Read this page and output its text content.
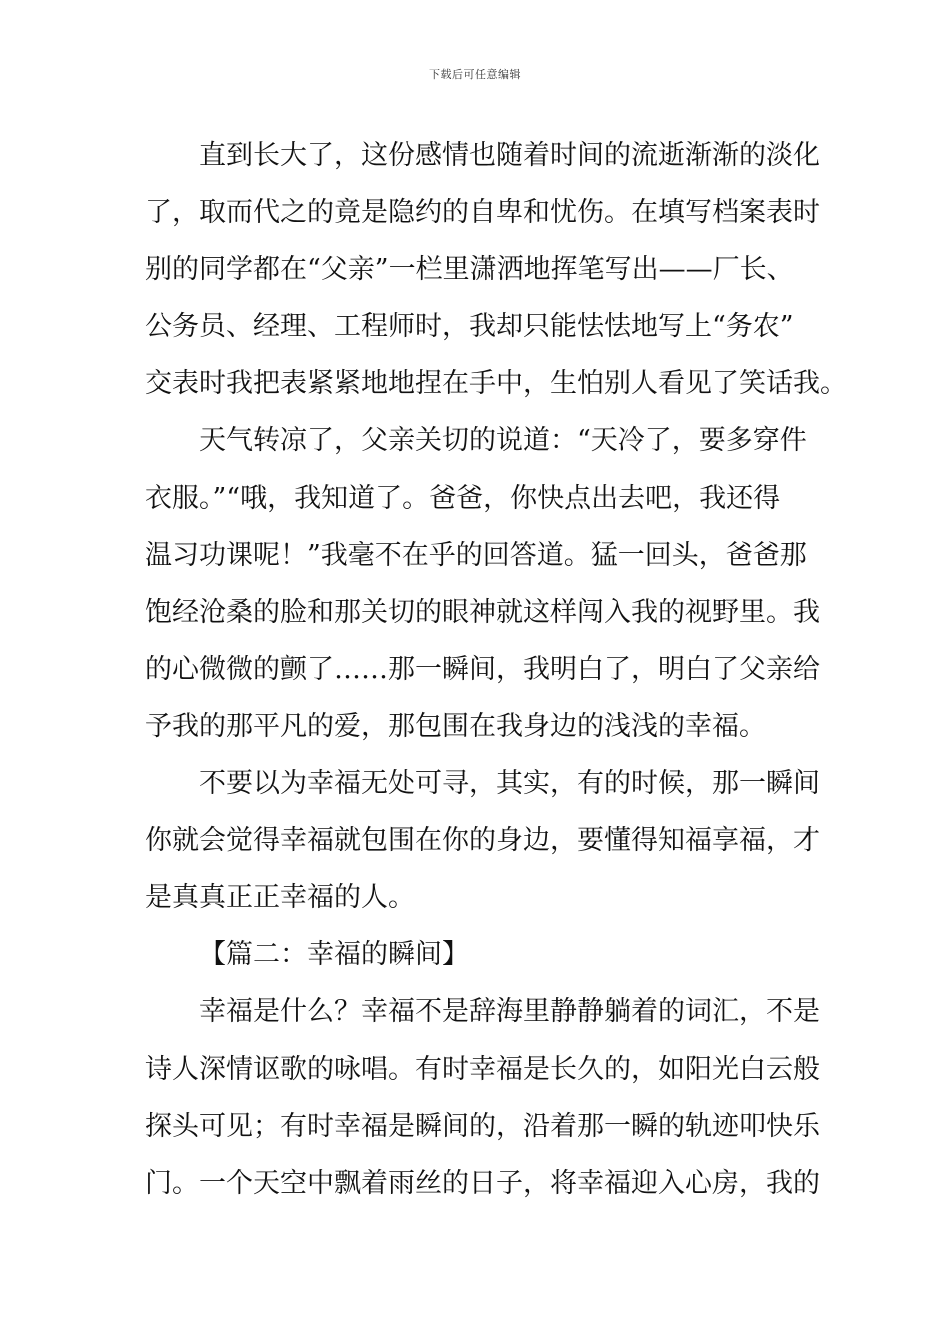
下载后可任意编辑
直到长大了，这份感情也随着时间的流逝渐渐的淡化
了，取而代之的竟是隐约的自卑和忧伤。在填写档案表时
别的同学都在“父亲”一栏里潇洒地挥笔写出——厂长、
公务员、经理、工程师时，我却只能怯怯地写上“务农”
交表时我把表紧紧地地捏在手中，生怕别人看见了笑话我。
天气转凉了，父亲关切的说道：“天冷了，要多穿件
衣服。”“哦，我知道了。爸爸，你快点出去吧，我还得
温习功课呢！”我毫不在乎的回答道。猛一回头，爸爸那
饱经沧桑的脸和那关切的眼神就这样闯入我的视野里。我
的心微微的颤了……那一瞬间，我明白了，明白了父亲给
予我的那平凡的爱，那包围在我身边的浅浅的幸福。
不要以为幸福无处可寻，其实，有的时候，那一瞬间
你就会觉得幸福就包围在你的身边，要懂得知福享福，才
是真真正正幸福的人。
【篇二：幸福的瞬间】
幸福是什么？幸福不是辞海里静静躺着的词汇，不是
诗人深情讴歌的咏唱。有时幸福是长久的，如阳光白云般
探头可见；有时幸福是瞬间的，沿着那一瞬的轨迹叩快乐
门。一个天空中飘着雨丝的日子，将幸福迎入心房，我的
